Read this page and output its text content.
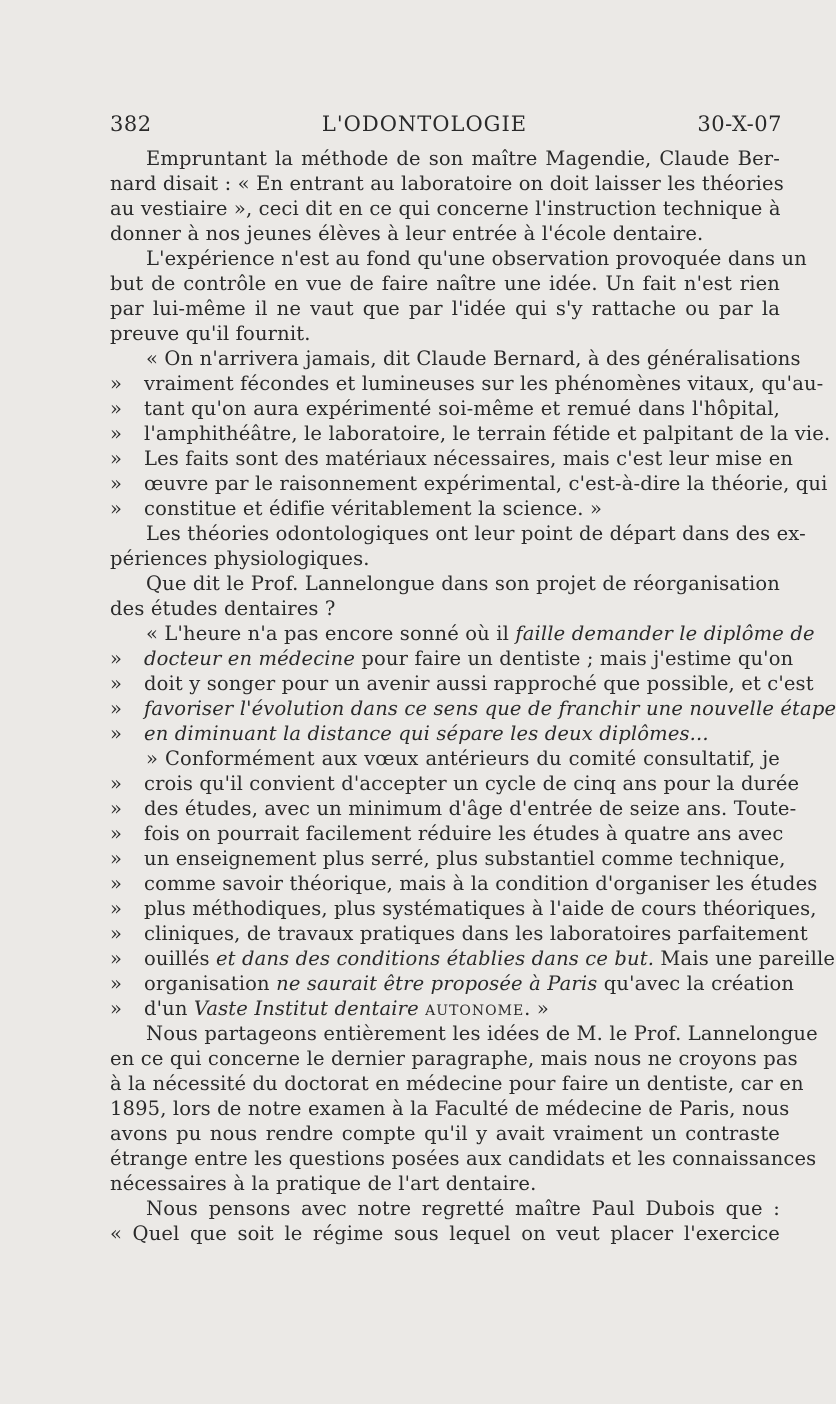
382	L'ODONTOLOGIE	30-X-07
Empruntant la méthode de son maître Magendie, Claude Ber-
nard disait : « En entrant au laboratoire on doit laisser les théories
au vestiaire », ceci dit en ce qui concerne l'instruction technique à
donner à nos jeunes élèves à leur entrée à l'école dentaire.
L'expérience n'est au fond qu'une observation provoquée dans un
but de contrôle en vue de faire naître une idée. Un fait n'est rien
par lui-même il ne vaut que par l'idée qui s'y rattache ou par la
preuve qu'il fournit.
« On n'arrivera jamais, dit Claude Bernard, à des généralisations
» vraiment fécondes et lumineuses sur les phénomènes vitaux, qu'au-
» tant qu'on aura expérimenté soi-même et remué dans l'hôpital,
» l'amphithéâtre, le laboratoire, le terrain fétide et palpitant de la vie.
» Les faits sont des matériaux nécessaires, mais c'est leur mise en
» œuvre par le raisonnement expérimental, c'est-à-dire la théorie, qui
» constitue et édifie véritablement la science. »
Les théories odontologiques ont leur point de départ dans des ex-
périences physiologiques.
Que dit le Prof. Lannelongue dans son projet de réorganisation
des études dentaires ?
« L'heure n'a pas encore sonné où il faille demander le diplôme de
» docteur en médecine pour faire un dentiste ; mais j'estime qu'on
» doit y songer pour un avenir aussi rapproché que possible, et c'est
» favoriser l'évolution dans ce sens que de franchir une nouvelle étape
» en diminuant la distance qui sépare les deux diplômes...
» Conformément aux vœux antérieurs du comité consultatif, je
» crois qu'il convient d'accepter un cycle de cinq ans pour la durée
» des études, avec un minimum d'âge d'entrée de seize ans. Toute-
» fois on pourrait facilement réduire les études à quatre ans avec
» un enseignement plus serré, plus substantiel comme technique,
» comme savoir théorique, mais à la condition d'organiser les études
» plus méthodiques, plus systématiques à l'aide de cours théoriques,
» cliniques, de travaux pratiques dans les laboratoires parfaitement
» ouillés et dans des conditions établies dans ce but. Mais une pareille
» organisation ne saurait être proposée à Paris qu'avec la création
» d'un Vaste Institut dentaire autonome. »
Nous partageons entièrement les idées de M. le Prof. Lannelongue
en ce qui concerne le dernier paragraphe, mais nous ne croyons pas
à la nécessité du doctorat en médecine pour faire un dentiste, car en
1895, lors de notre examen à la Faculté de médecine de Paris, nous
avons pu nous rendre compte qu'il y avait vraiment un contraste
étrange entre les questions posées aux candidats et les connaissances
nécessaires à la pratique de l'art dentaire.
Nous pensons avec notre regretté maître Paul Dubois que :
« Quel que soit le régime sous lequel on veut placer l'exercice
